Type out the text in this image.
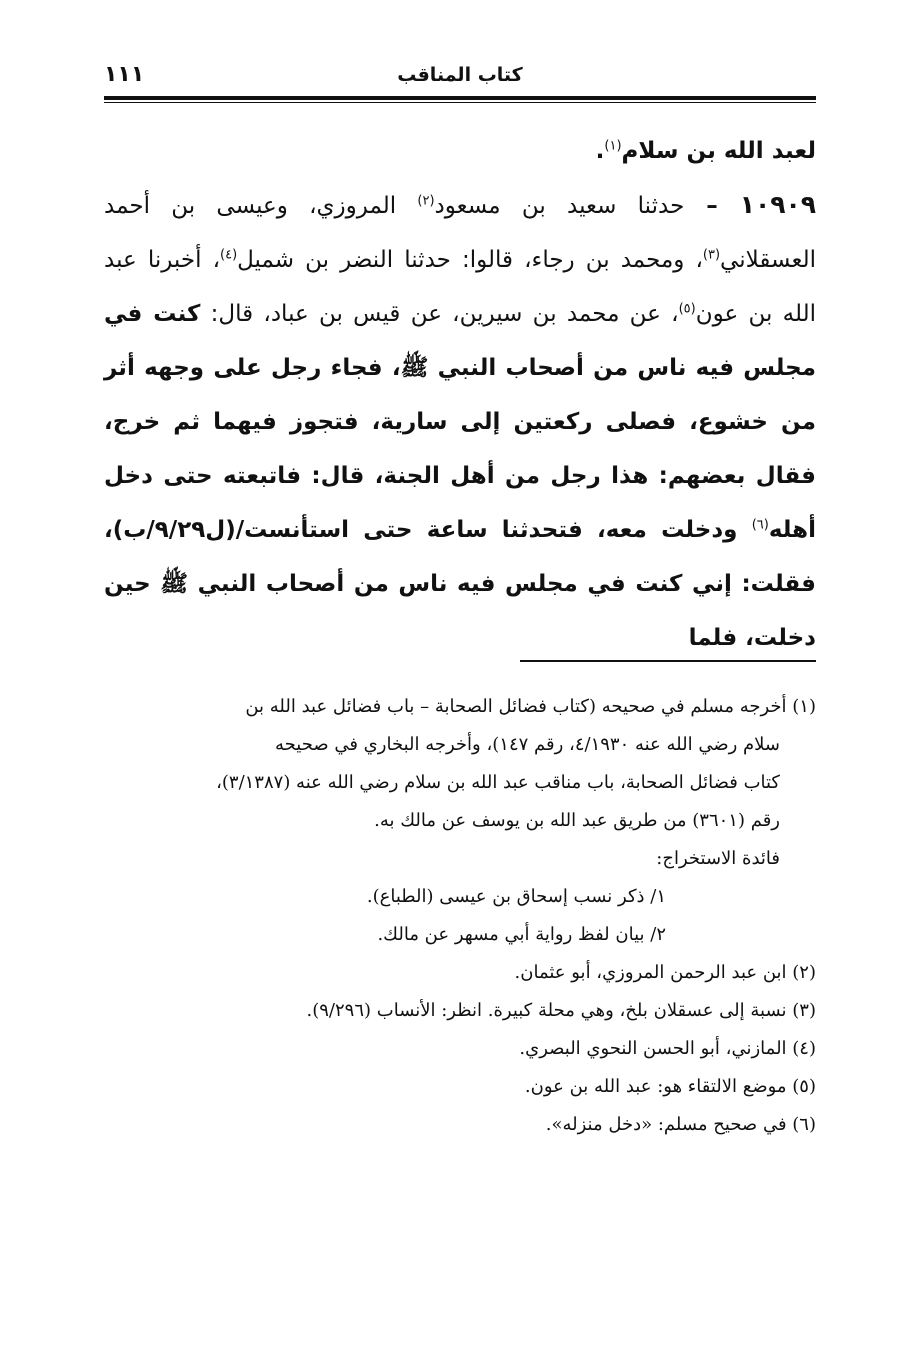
كتاب المناقب
١١١

لعبد الله بن سلام$^{(١)}$.

١٠٩٠٩ – حدثنا سعيد بن مسعود$^{(٢)}$ المروزي، وعيسى بن أحمد العسقلاني$^{(٣)}$، ومحمد بن رجاء، قالوا: حدثنا النضر بن شميل$^{(٤)}$، أخبرنا عبد الله بن عون$^{(٥)}$، عن محمد بن سيرين، عن قيس بن عباد، قال: كنت في مجلس فيه ناس من أصحاب النبي ﷺ، فجاء رجل على وجهه أثر من خشوع، فصلى ركعتين إلى سارية، فتجوز فيهما ثم خرج، فقال بعضهم: هذا رجل من أهل الجنة، قال: فاتبعته حتى دخل أهله$^{(٦)}$ ودخلت معه، فتحدثنا ساعة حتى استأنست/(ل٩/٢٩/ب)، فقلت: إني كنت في مجلس فيه ناس من أصحاب النبي ﷺ حين دخلت، فلما

(١) أخرجه مسلم في صحيحه (كتاب فضائل الصحابة – باب فضائل عبد الله بن

سلام رضي الله عنه ٤/١٩٣٠، رقم ١٤٧)، وأخرجه البخاري في صحيحه

كتاب فضائل الصحابة، باب مناقب عبد الله بن سلام رضي الله عنه (٣/١٣٨٧)،

رقم (٣٦٠١) من طريق عبد الله بن يوسف عن مالك به.

فائدة الاستخراج:

١/ ذكر نسب إسحاق بن عيسى (الطباع).

٢/ بيان لفظ رواية أبي مسهر عن مالك.

(٢) ابن عبد الرحمن المروزي، أبو عثمان.

(٣) نسبة إلى عسقلان بلخ، وهي محلة كبيرة. انظر: الأنساب (٩/٢٩٦).

(٤) المازني، أبو الحسن النحوي البصري.

(٥) موضع الالتقاء هو: عبد الله بن عون.

(٦) في صحيح مسلم: «دخل منزله».
